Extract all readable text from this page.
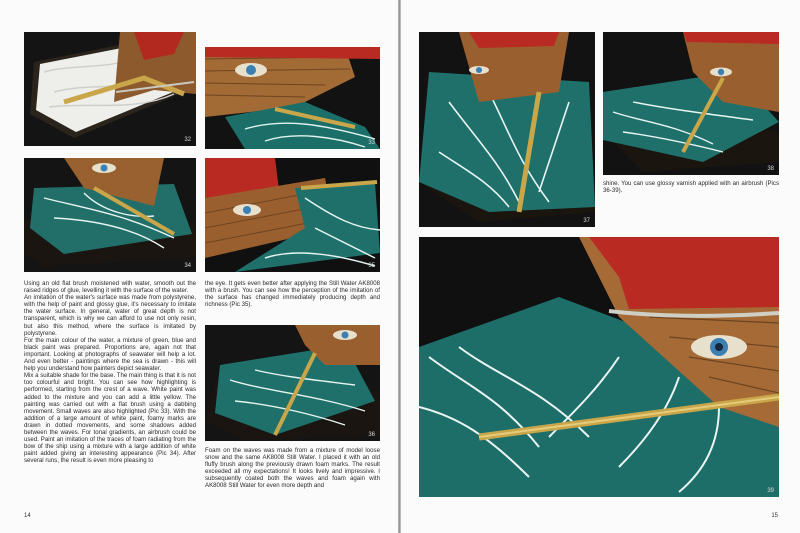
32	33
34	35

Using an old flat brush moistened with water, smooth out the raised ridges of glue, levelling it with the surface of the water.

An imitation of the water's surface was made from polystyrene, with the help of paint and glossy glue, it's necessary to imitate the water surface. In general, water of great depth is not transparent, which is why we can afford to use not only resin, but also this method, where the surface is imitated by polystyrene.

For the main colour of the water, a mixture of green, blue and black paint was prepared. Proportions are, again not that important. Looking at photographs of seawater will help a lot. And even better - paintings where the sea is drawn - this will help you understand how painters depict seawater.

Mix a suitable shade for the base. The main thing is that it is not too colourful and bright. You can see how highlighting is performed, starting from the crest of a wave. White paint was added to the mixture and you can add a little yellow. The painting was carried out with a flat brush using a dabbing movement. Small waves are also highlighted (Pic 33). With the addition of a large amount of white paint, foamy marks are drawn in dotted movements, and some shadows added between the waves. For tonal gradients, an airbrush could be used. Paint an imitation of the traces of foam radiating from the bow of the ship using a mixture with a large addition of white paint added giving an interesting appearance (Pic 34). After several runs, the result is even more pleasing to

the eye. It gets even better after applying the Still Water AK8008 with a brush. You can see how the perception of the imitation of the surface has changed immediately producing depth and richness (Pic 35).

36

Foam on the waves was made from a mixture of model loose snow and the same AK8008 Still Water. I placed it with an old fluffy brush along the previously drawn foam marks. The result exceeded all my expectations! It looks lively and impressive. I subsequently coated both the waves and foam again with AK8008 Still Water for even more depth and

14
37
38

shine. You can use glossy varnish applied with an airbrush (Pics 36-39).

39
15
